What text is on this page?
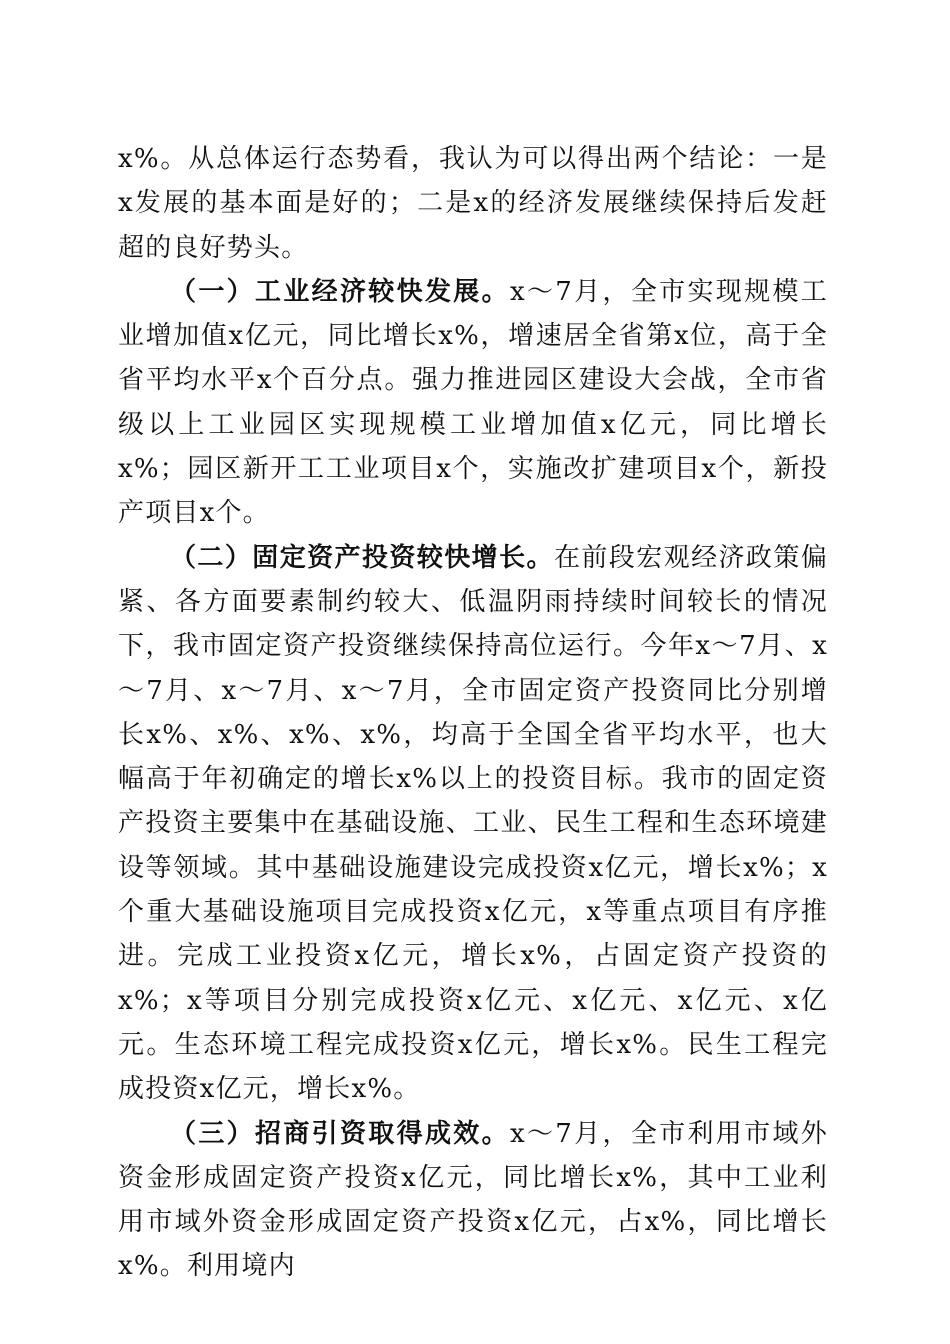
x%。从总体运行态势看，我认为可以得出两个结论：一是x发展的基本面是好的；二是x的经济发展继续保持后发赶超的良好势头。

（一）工业经济较快发展。x～7月，全市实现规模工业增加值x亿元，同比增长x%，增速居全省第x位，高于全省平均水平x个百分点。强力推进园区建设大会战，全市省级以上工业园区实现规模工业增加值x亿元，同比增长x%；园区新开工工业项目x个，实施改扩建项目x个，新投产项目x个。

（二）固定资产投资较快增长。在前段宏观经济政策偏紧、各方面要素制约较大、低温阴雨持续时间较长的情况下，我市固定资产投资继续保持高位运行。今年x～7月、x～7月、x～7月、x～7月，全市固定资产投资同比分别增长x%、x%、x%、x%，均高于全国全省平均水平，也大幅高于年初确定的增长x%以上的投资目标。我市的固定资产投资主要集中在基础设施、工业、民生工程和生态环境建设等领域。其中基础设施建设完成投资x亿元，增长x%；x个重大基础设施项目完成投资x亿元，x等重点项目有序推进。完成工业投资x亿元，增长x%，占固定资产投资的x%；x等项目分别完成投资x亿元、x亿元、x亿元、x亿元。生态环境工程完成投资x亿元，增长x%。民生工程完成投资x亿元，增长x%。

（三）招商引资取得成效。x～7月，全市利用市域外资金形成固定资产投资x亿元，同比增长x%，其中工业利用市域外资金形成固定资产投资x亿元，占x%，同比增长x%。利用境内
